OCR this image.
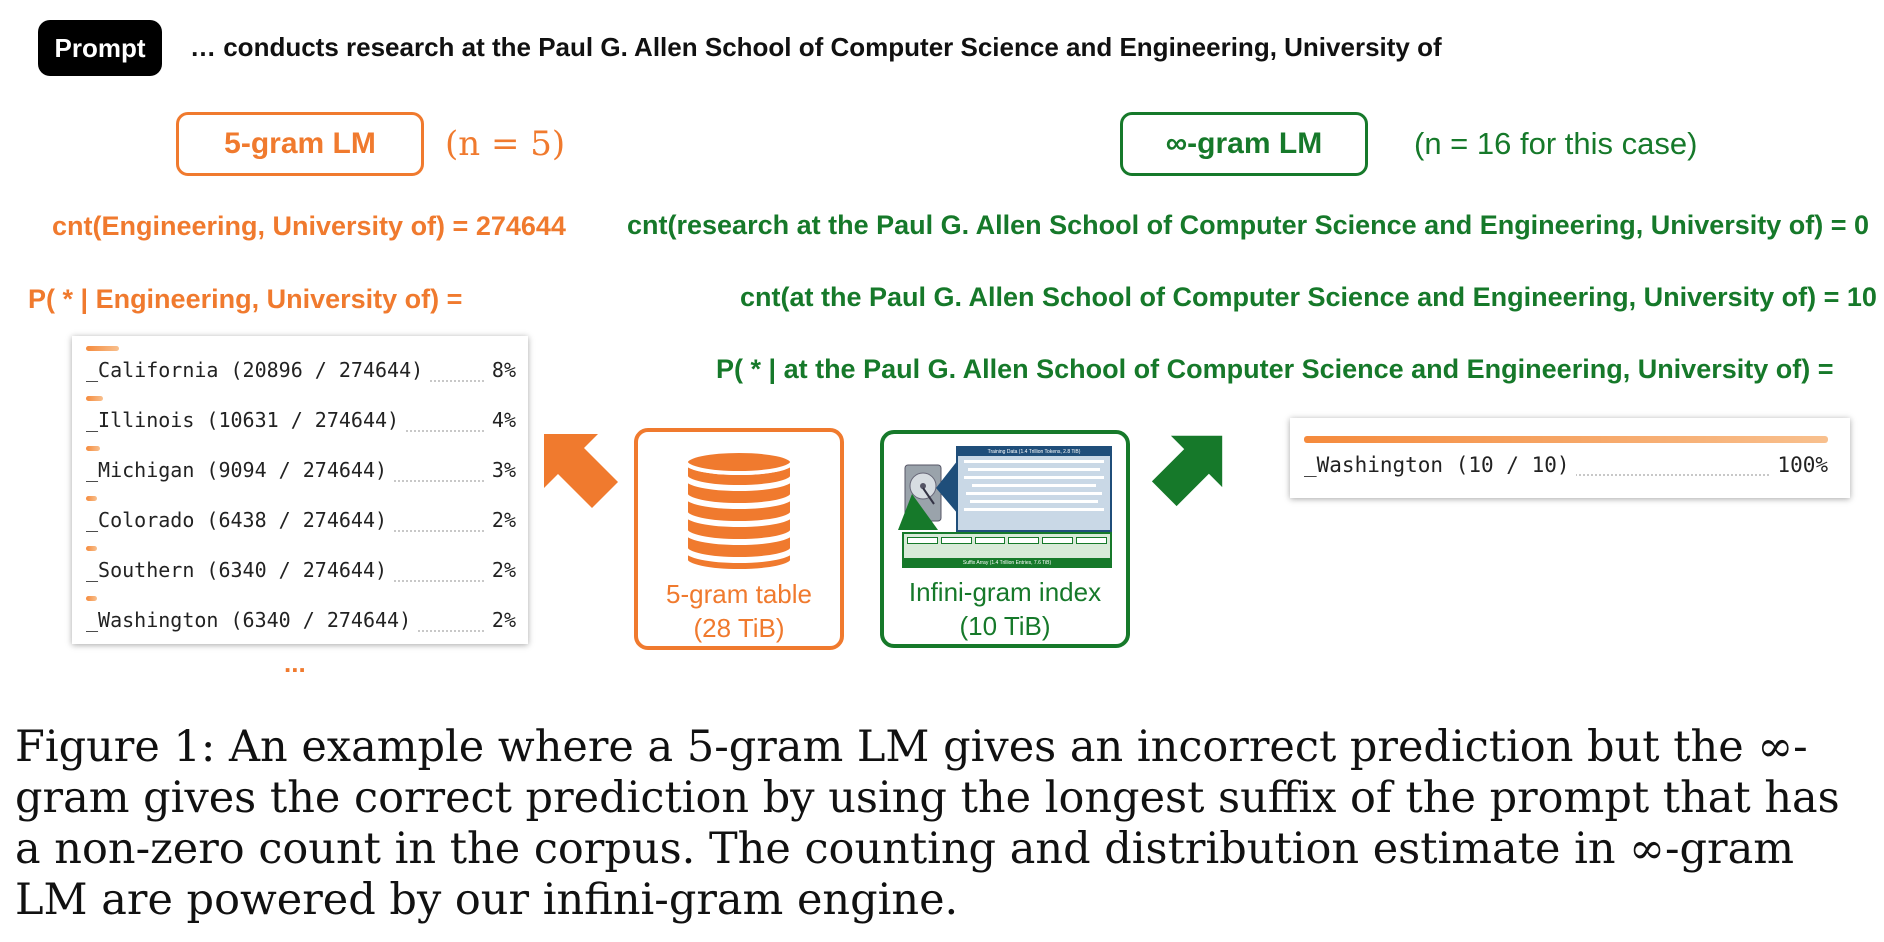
Prompt	… conducts research at the Paul G. Allen School of Computer Science and Engineering, University of
5-gram LM	(n = 5)	∞-gram LM	(n = 16 for this case)
cnt(Engineering, University of) = 274644
P( * | Engineering, University of) =
cnt(research at the Paul G. Allen School of Computer Science and Engineering, University of) = 0
cnt(at the Paul G. Allen School of Computer Science and Engineering, University of) = 10
P( * | at the Paul G. Allen School of Computer Science and Engineering, University of) =
_California (20896 / 274644)	8%
_Illinois (10631 / 274644)	4%
_Michigan (9094 / 274644)	3%
_Colorado (6438 / 274644)	2%
_Southern (6340 / 274644)	2%
_Washington (6340 / 274644)	2%
...
5-gram table
(28 TiB)
Training Data (1.4 Trillion Tokens, 2.8 TiB)
Suffix Array (1.4 Trillion Entries, 7.6 TiB)
Infini-gram index
(10 TiB)
_Washington (10 / 10)	100%
Figure 1: An example where a 5-gram LM gives an incorrect prediction but the ∞-gram gives the correct prediction by using the longest suffix of the prompt that has a non-zero count in the corpus. The counting and distribution estimate in ∞-gram LM are powered by our infini-gram engine.
